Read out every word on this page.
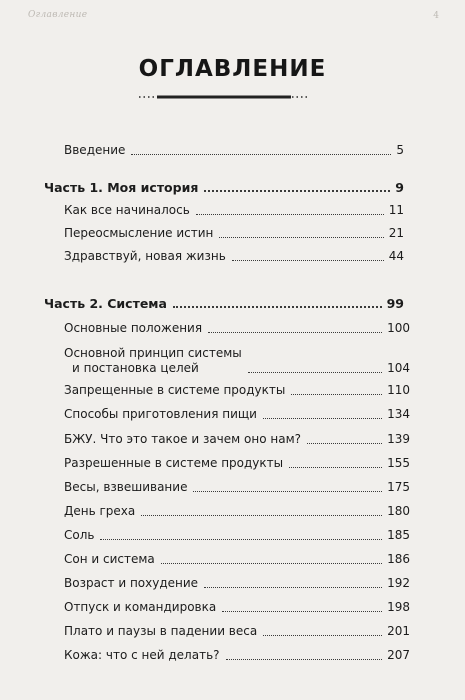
Оглавление	4
ОГЛАВЛЕНИЕ
Введение	5
Часть 1. Моя история	9
Как все начиналось	11
Переосмысление истин	21
Здравствуй, новая жизнь	44
Часть 2. Система	99
Основные положения	100
Основной принцип системы
и постановка целей	104
Запрещенные в системе продукты	110
Способы приготовления пищи	134
БЖУ. Что это такое и зачем оно нам?	139
Разрешенные в системе продукты	155
Весы, взвешивание	175
День греха	180
Соль	185
Сон и система	186
Возраст и похудение	192
Отпуск и командировка	198
Плато и паузы в падении веса	201
Кожа: что с ней делать?	207
